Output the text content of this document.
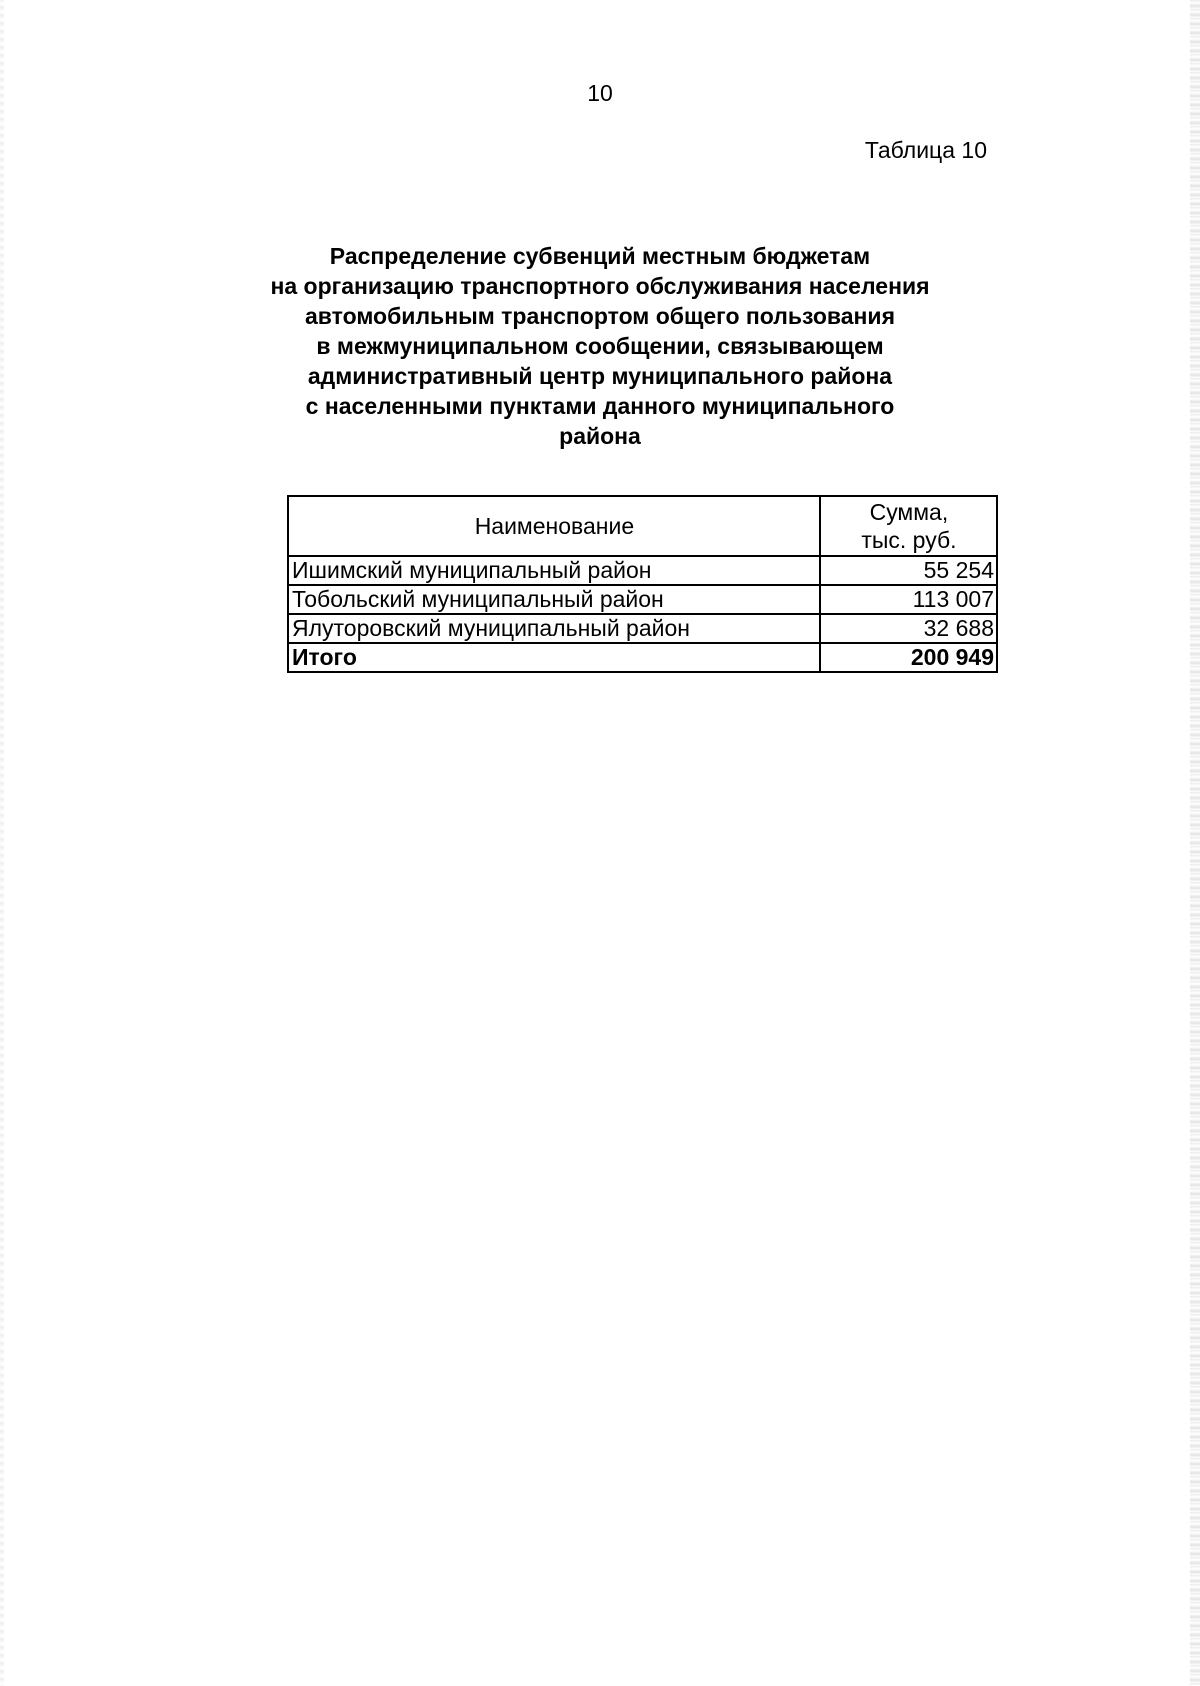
10
Таблица 10
Распределение субвенций местным бюджетам
на организацию транспортного обслуживания населения
автомобильным транспортом общего пользования
в межмуниципальном сообщении, связывающем
административный центр муниципального района
с населенными пунктами данного муниципального
района
Наименование	Сумма,
тыс. руб.

Ишимский муниципальный район	55 254
Тобольский муниципальный район	113 007
Ялуторовский муниципальный район	32 688
Итого	200 949
